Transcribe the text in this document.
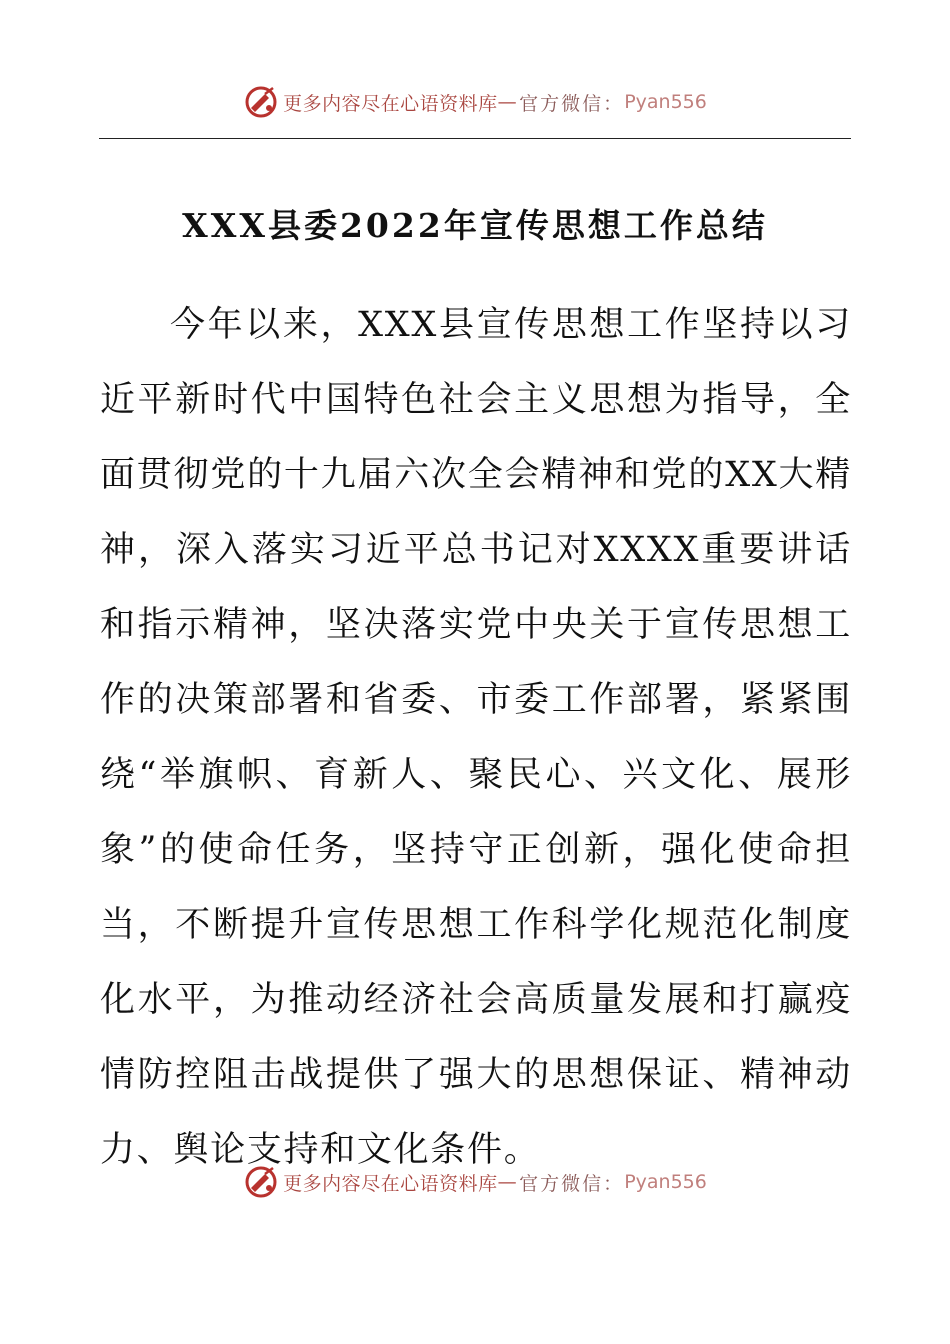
更多内容尽在心语资料库 — 官方微信： Pyan556
XXX县委2022年宣传思想工作总结

今年以来，XXX县宣传思想工作坚持以习近平新时代中国特色社会主义思想为指导，全面贯彻党的十九届六次全会精神和党的XX大精神，深入落实习近平总书记对XXXX重要讲话和指示精神，坚决落实党中央关于宣传思想工作的决策部署和省委、市委工作部署，紧紧围绕“举旗帜、育新人、聚民心、兴文化、展形象”的使命任务，坚持守正创新，强化使命担当，不断提升宣传思想工作科学化规范化制度化水平，为推动经济社会高质量发展和打赢疫情防控阻击战提供了强大的思想保证、精神动力、舆论支持和文化条件。

更多内容尽在心语资料库 — 官方微信： Pyan556
